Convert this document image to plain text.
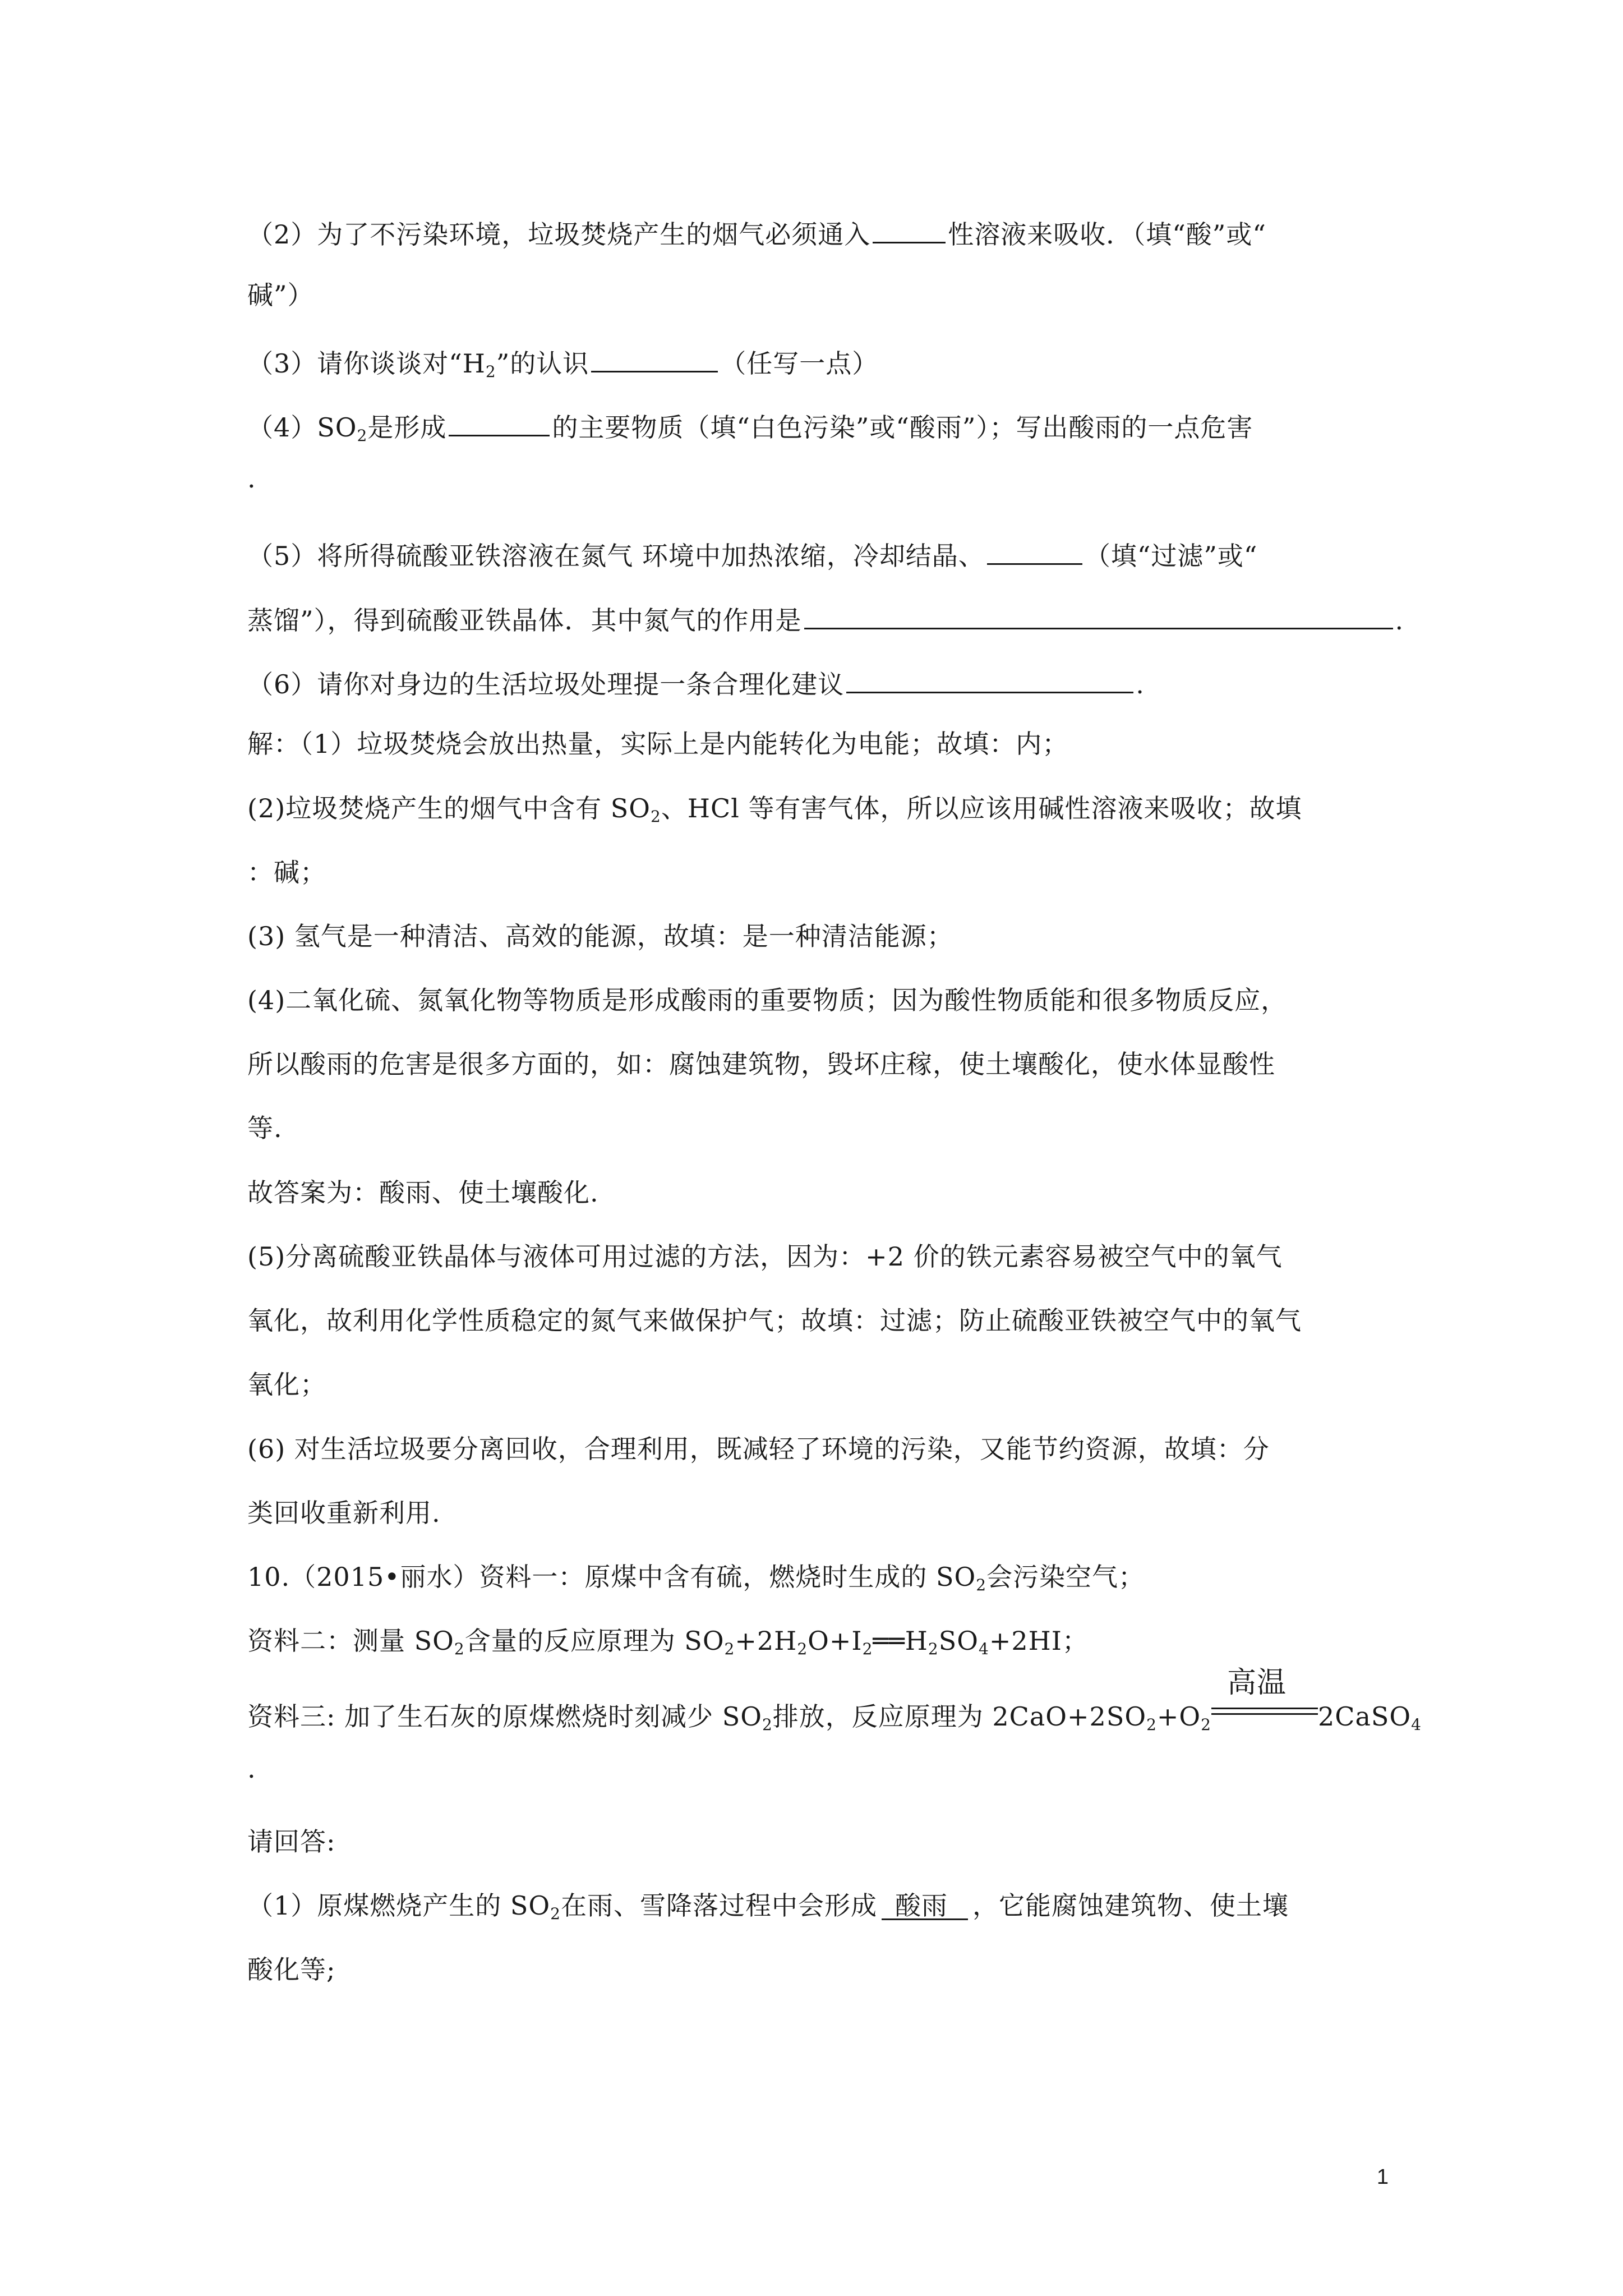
（2）为了不污染环境，垃圾焚烧产生的烟气必须通入	性溶液来吸收．（填“酸”或“
碱”）
（3）请你谈谈对“$H_2$”的认识	（任写一点）
$(4)SO_2$是形成	的主要物质（填“白色污染”或“酸雨”）；写出酸雨的一点危害
.
（5）将所得硫酸亚铁溶液在氮气 环境中加热浓缩，冷却结晶、	（填“过滤”或“
蒸馏”），得到硫酸亚铁晶体．其中氮气的作用是	.
（6）请你对身边的生活垃圾处理提一条合理化建议	.
解：（1）垃圾焚烧会放出热量，实际上是内能转化为电能；故填：内；
(2)垃圾焚烧产生的烟气中含有 $SO_2$、HCl 等有害气体，所以应该用碱性溶液来吸收；故填
：碱；
(3) 氢气是一种清洁、高效的能源，故填：是一种清洁能源；
(4)二氧化硫、氮氧化物等物质是形成酸雨的重要物质；因为酸性物质能和很多物质反应，
所以酸雨的危害是很多方面的，如：腐蚀建筑物，毁坏庄稼，使土壤酸化，使水体显酸性
等.
故答案为：酸雨、使土壤酸化.
(5)分离硫酸亚铁晶体与液体可用过滤的方法，因为：+2 价的铁元素容易被空气中的氧气
氧化，故利用化学性质稳定的氮气来做保护气；故填：过滤；防止硫酸亚铁被空气中的氧气
氧化；
(6) 对生活垃圾要分离回收，合理利用，既减轻了环境的污染，又能节约资源，故填：分
类回收重新利用.
10.（2015•丽水）资料一：原煤中含有硫，燃烧时生成的 $SO_2$会污染空气；
资料二：测量 $SO_2$含量的反应原理为 $SO_2+2H_2O+I_2══H_2SO_4+2HI$；
资料三: 加了生石灰的原煤燃烧时刻减少 $SO_2$排放，反应原理为 $2CaO+2SO_2+O_2$
高温
2CaSO$_4$
.
请回答:
（1）原煤燃烧产生的 $SO_2$在雨、雪降落过程中会形成 酸雨 ，它能腐蚀建筑物、使土壤
酸化等;
1
